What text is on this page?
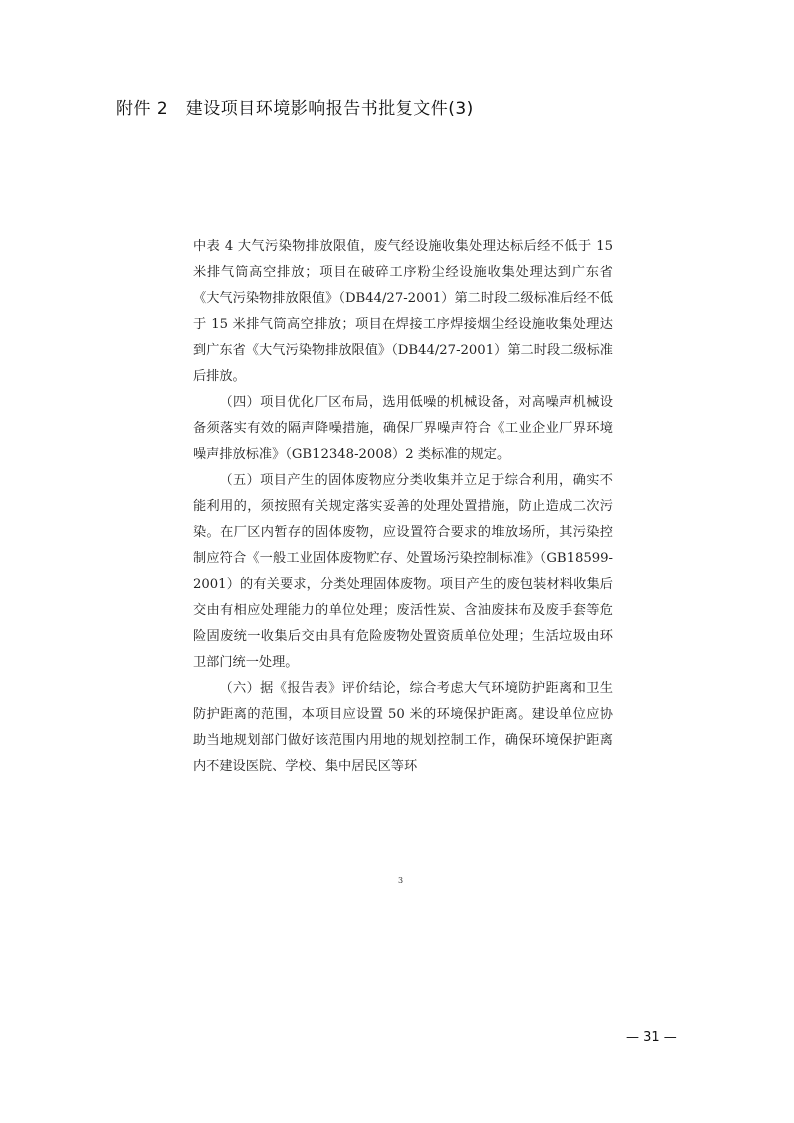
附件 2　建设项目环境影响报告书批复文件(3)

中表 4 大气污染物排放限值，废气经设施收集处理达标后经不低于 15 米排气筒高空排放；项目在破碎工序粉尘经设施收集处理达到广东省《大气污染物排放限值》（DB44/27-2001）第二时段二级标准后经不低于 15 米排气筒高空排放；项目在焊接工序焊接烟尘经设施收集处理达到广东省《大气污染物排放限值》（DB44/27-2001）第二时段二级标准后排放。

（四）项目优化厂区布局，选用低噪的机械设备，对高噪声机械设备须落实有效的隔声降噪措施，确保厂界噪声符合《工业企业厂界环境噪声排放标准》（GB12348-2008）2 类标准的规定。

（五）项目产生的固体废物应分类收集并立足于综合利用，确实不能利用的，须按照有关规定落实妥善的处理处置措施，防止造成二次污染。在厂区内暂存的固体废物，应设置符合要求的堆放场所，其污染控制应符合《一般工业固体废物贮存、处置场污染控制标准》（GB18599-2001）的有关要求，分类处理固体废物。项目产生的废包装材料收集后交由有相应处理能力的单位处理；废活性炭、含油废抹布及废手套等危险固废统一收集后交由具有危险废物处置资质单位处理；生活垃圾由环卫部门统一处理。

（六）据《报告表》评价结论，综合考虑大气环境防护距离和卫生防护距离的范围，本项目应设置 50 米的环境保护距离。建设单位应协助当地规划部门做好该范围内用地的规划控制工作，确保环境保护距离内不建设医院、学校、集中居民区等环

3
— 31 —
